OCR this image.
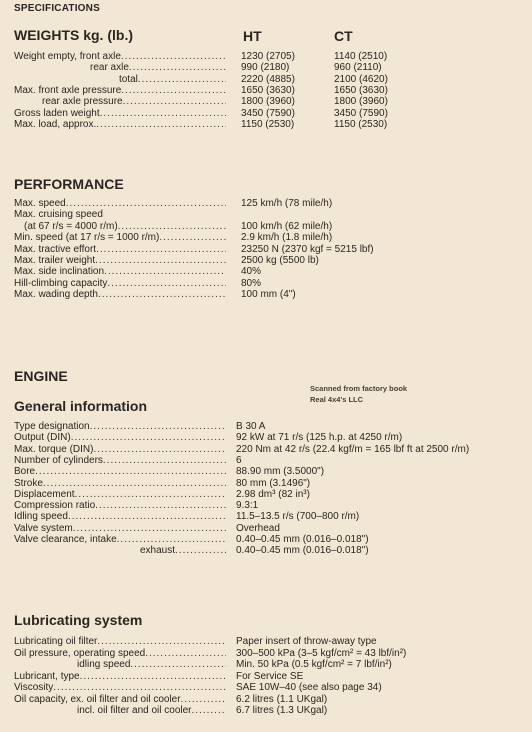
SPECIFICATIONS
WEIGHTS kg. (lb.)	HT	CT
Weight empty, front axle .....	1230 (2705)	1140 (2510)
rear axle .....	990 (2180)	960 (2110)
total .....	2220 (4885)	2100 (4620)
Max. front axle pressure .....	1650 (3630)	1650 (3630)
rear axle pressure .....	1800 (3960)	1800 (3960)
Gross laden weight .....	3450 (7590)	3450 (7590)
Max. load, approx. .....	1150 (2530)	1150 (2530)
PERFORMANCE
Max. speed .....	125 km/h (78 mile/h)
Max. cruising speed
(at 67 r/s = 4000 r/m) .....	100 km/h (62 mile/h)
Min. speed (at 17 r/s = 1000 r/m) .....	2.9 km/h (1.8 mile/h)
Max. tractive effort .....	23250 N (2370 kgf = 5215 lbf)
Max. trailer weight .....	2500 kg (5500 lb)
Max. side inclination .....	40%
Hill-climbing capacity .....	80%
Max. wading depth .....	100 mm (4")
ENGINE
Scanned from factory book
Real 4x4's LLC
General information
Type designation .....	B 30 A
Output (DIN) .....	92 kW at 71 r/s (125 h.p. at 4250 r/m)
Max. torque (DIN) .....	220 Nm at 42 r/s (22.4 kgf/m = 165 lbf ft at 2500 r/m)
Number of cylinders .....	6
Bore .....	88.90 mm (3.5000")
Stroke .....	80 mm (3.1496")
Displacement .....	2.98 dm³ (82 in³)
Compression ratio .....	9.3:1
Idling speed .....	11.5–13.5 r/s (700–800 r/m)
Valve system .....	Overhead
Valve clearance, intake .....	0.40–0.45 mm (0.016–0.018")
exhaust .....	0.40–0.45 mm (0.016–0.018")
Lubricating system
Lubricating oil filter .....	Paper insert of throw-away type
Oil pressure, operating speed .....	300–500 kPa (3–5 kgf/cm² = 43 lbf/in²)
idling speed .....	Min. 50 kPa (0.5 kgf/cm² = 7 lbf/in²)
Lubricant, type .....	For Service SE
Viscosity .....	SAE 10W–40 (see also page 34)
Oil capacity, ex. oil filter and oil cooler .....	6.2 litres (1.1 UKgal)
incl. oil filter and oil cooler .....	6.7 litres (1.3 UKgal)
